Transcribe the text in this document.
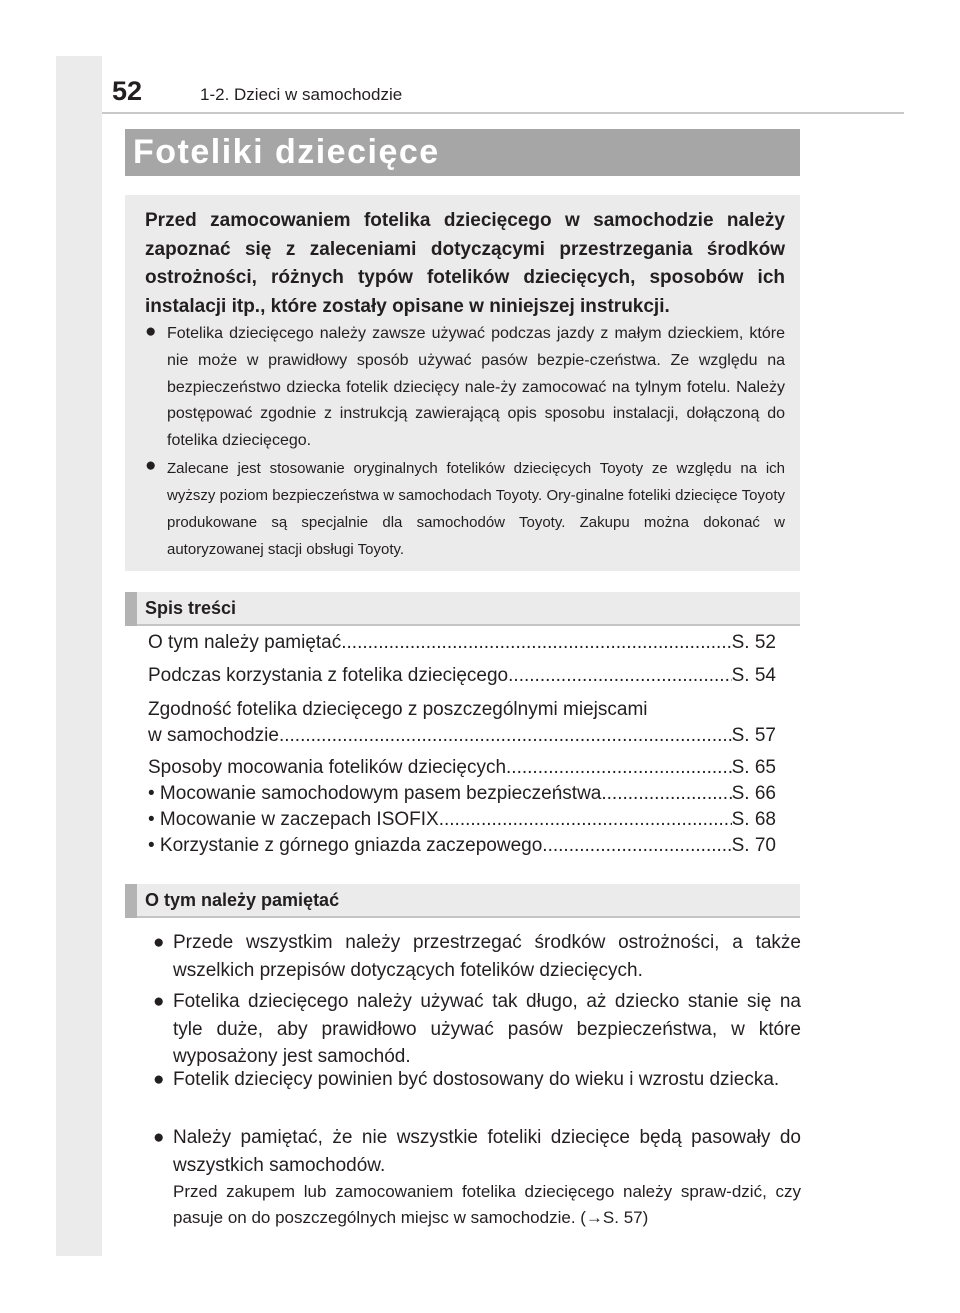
52	1-2. Dzieci w samochodzie
Foteliki dziecięce
Przed zamocowaniem fotelika dziecięcego w samochodzie należy zapoznać się z zaleceniami dotyczącymi przestrzegania środków ostrożności, różnych typów fotelików dziecięcych, sposobów ich instalacji itp., które zostały opisane w niniejszej instrukcji.
● Fotelika dziecięcego należy zawsze używać podczas jazdy z małym dzieckiem, które nie może w prawidłowy sposób używać pasów bezpie-czeństwa. Ze względu na bezpieczeństwo dziecka fotelik dziecięcy nale-ży zamocować na tylnym fotelu. Należy postępować zgodnie z instrukcją zawierającą opis sposobu instalacji, dołączoną do fotelika dziecięcego.
● Zalecane jest stosowanie oryginalnych fotelików dziecięcych Toyoty ze względu na ich wyższy poziom bezpieczeństwa w samochodach Toyoty. Ory-ginalne foteliki dziecięce Toyoty produkowane są specjalnie dla samochodów Toyoty. Zakupu można dokonać w autoryzowanej stacji obsługi Toyoty.
Spis treści
O tym należy pamiętać .....	S. 52
Podczas korzystania z fotelika dziecięcego .....	S. 54
Zgodność fotelika dziecięcego z poszczególnymi miejscami
w samochodzie .....	S. 57
Sposoby mocowania fotelików dziecięcych .....	S. 65
• Mocowanie samochodowym pasem bezpieczeństwa .....	S. 66
• Mocowanie w zaczepach ISOFIX .....	S. 68
• Korzystanie z górnego gniazda zaczepowego .....	S. 70
O tym należy pamiętać
● Przede wszystkim należy przestrzegać środków ostrożności, a także wszelkich przepisów dotyczących fotelików dziecięcych.
● Fotelika dziecięcego należy używać tak długo, aż dziecko stanie się na tyle duże, aby prawidłowo używać pasów bezpieczeństwa, w które wyposażony jest samochód.
● Fotelik dziecięcy powinien być dostosowany do wieku i wzrostu dziecka.
● Należy pamiętać, że nie wszystkie foteliki dziecięce będą pasowały do wszystkich samochodów.
Przed zakupem lub zamocowaniem fotelika dziecięcego należy spraw-dzić, czy pasuje on do poszczególnych miejsc w samochodzie. (→S. 57)
